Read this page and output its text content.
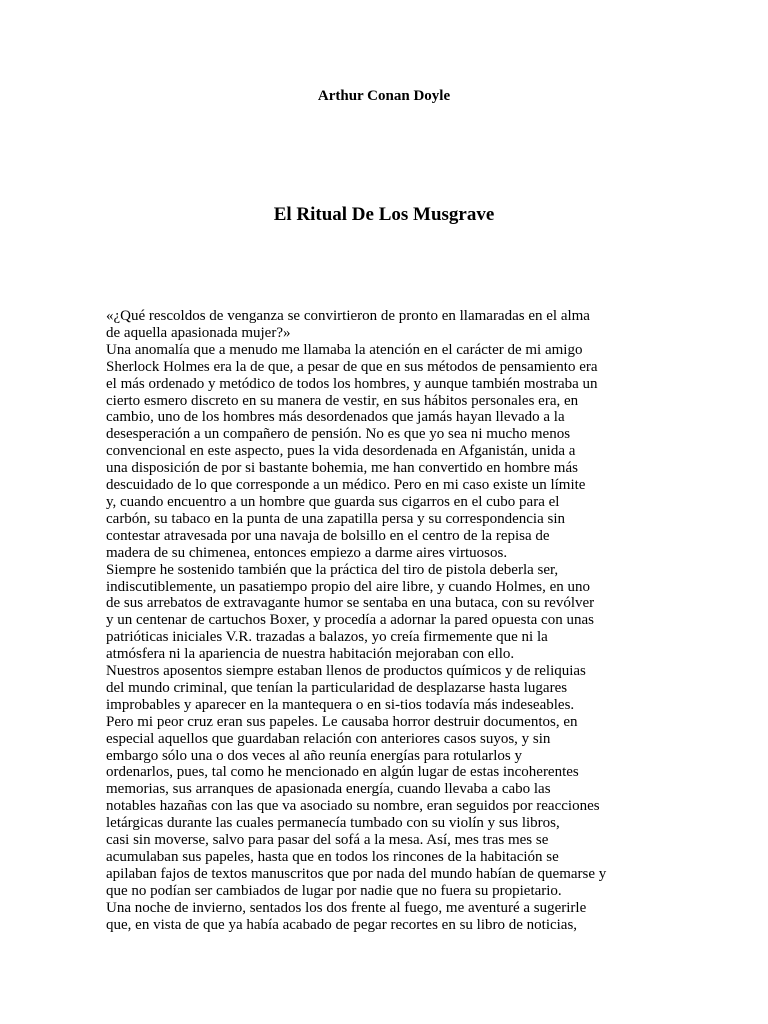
Arthur Conan Doyle
El Ritual De Los Musgrave
«¿Qué rescoldos de venganza se convirtieron de pronto en llamaradas en el alma
de aquella apasionada mujer?»
Una anomalía que a menudo me llamaba la atención en el carácter de mi amigo
Sherlock Holmes era la de que, a pesar de que en sus métodos de pensamiento era
el más ordenado y metódico de todos los hombres, y aunque también mostraba un
cierto esmero discreto en su manera de vestir, en sus hábitos personales era, en
cambio, uno de los hombres más desordenados que jamás hayan llevado a la
desesperación a un compañero de pensión. No es que yo sea ni mucho menos
convencional en este aspecto, pues la vida desordenada en Afganistán, unida a
una disposición de por si bastante bohemia, me han convertido en hombre más
descuidado de lo que corresponde a un médico. Pero en mi caso existe un límite
y, cuando encuentro a un hombre que guarda sus cigarros en el cubo para el
carbón, su tabaco en la punta de una zapatilla persa y su correspondencia sin
contestar atravesada por una navaja de bolsillo en el centro de la repisa de
madera de su chimenea, entonces empiezo a darme aires virtuosos.
Siempre he sostenido también que la práctica del tiro de pistola deberla ser,
indiscutiblemente, un pasatiempo propio del aire libre, y cuando Holmes, en uno
de sus arrebatos de extravagante humor se sentaba en una butaca, con su revólver
y un centenar de cartuchos Boxer, y procedía a adornar la pared opuesta con unas
patrióticas iniciales V.R. trazadas a balazos, yo creía firmemente que ni la
atmósfera ni la apariencia de nuestra habitación mejoraban con ello.
Nuestros aposentos siempre estaban llenos de productos químicos y de reliquias
del mundo criminal, que tenían la particularidad de desplazarse hasta lugares
improbables y aparecer en la mantequera o en si-tios todavía más indeseables.
Pero mi peor cruz eran sus papeles. Le causaba horror destruir documentos, en
especial aquellos que guardaban relación con anteriores casos suyos, y sin
embargo sólo una o dos veces al año reunía energías para rotularlos y
ordenarlos, pues, tal como he mencionado en algún lugar de estas incoherentes
memorias, sus arranques de apasionada energía, cuando llevaba a cabo las
notables hazañas con las que va asociado su nombre, eran seguidos por reacciones
letárgicas durante las cuales permanecía tumbado con su violín y sus libros,
casi sin moverse, salvo para pasar del sofá a la mesa. Así, mes tras mes se
acumulaban sus papeles, hasta que en todos los rincones de la habitación se
apilaban fajos de textos manuscritos que por nada del mundo habían de quemarse y
que no podían ser cambiados de lugar por nadie que no fuera su propietario.
Una noche de invierno, sentados los dos frente al fuego, me aventuré a sugerirle
que, en vista de que ya había acabado de pegar recortes en su libro de noticias,
